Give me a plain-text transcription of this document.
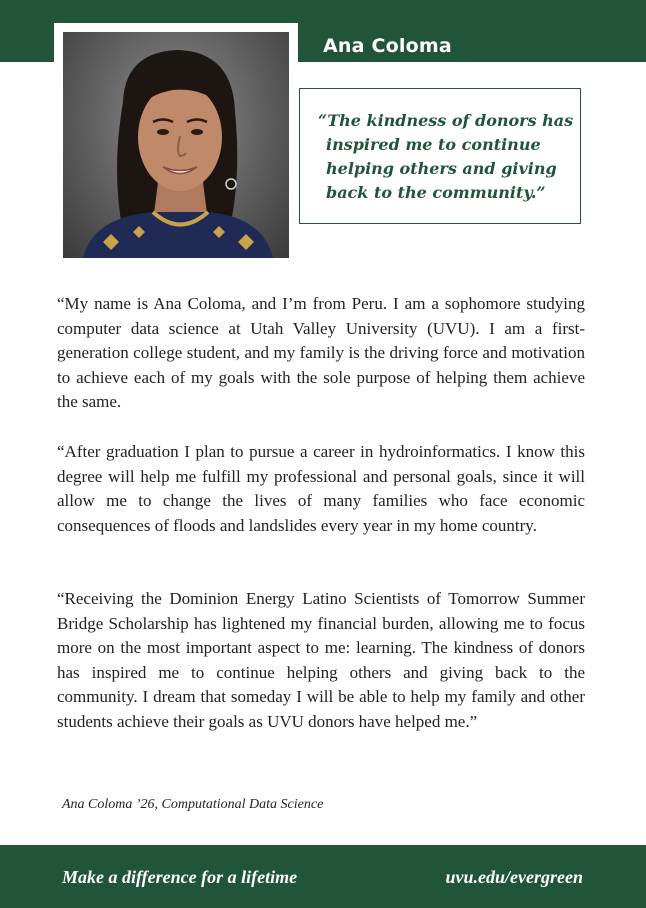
Ana Coloma
“The kindness of donors has inspired me to continue helping others and giving back to the community.”

“My name is Ana Coloma, and I’m from Peru. I am a sophomore studying computer data science at Utah Valley University (UVU). I am a first-generation college student, and my family is the driving force and motivation to achieve each of my goals with the sole purpose of helping them achieve the same.

“After graduation I plan to pursue a career in hydroinformatics. I know this degree will help me fulfill my professional and personal goals, since it will allow me to change the lives of many families who face economic consequences of floods and landslides every year in my home country.

“Receiving the Dominion Energy Latino Scientists of Tomorrow Summer Bridge Scholarship has lightened my financial burden, allowing me to focus more on the most important aspect to me: learning. The kindness of donors has inspired me to continue helping others and giving back to the community. I dream that someday I will be able to help my family and other students achieve their goals as UVU donors have helped me.”

Ana Coloma ’26, Computational Data Science
Make a difference for a lifetime	uvu.edu/evergreen
